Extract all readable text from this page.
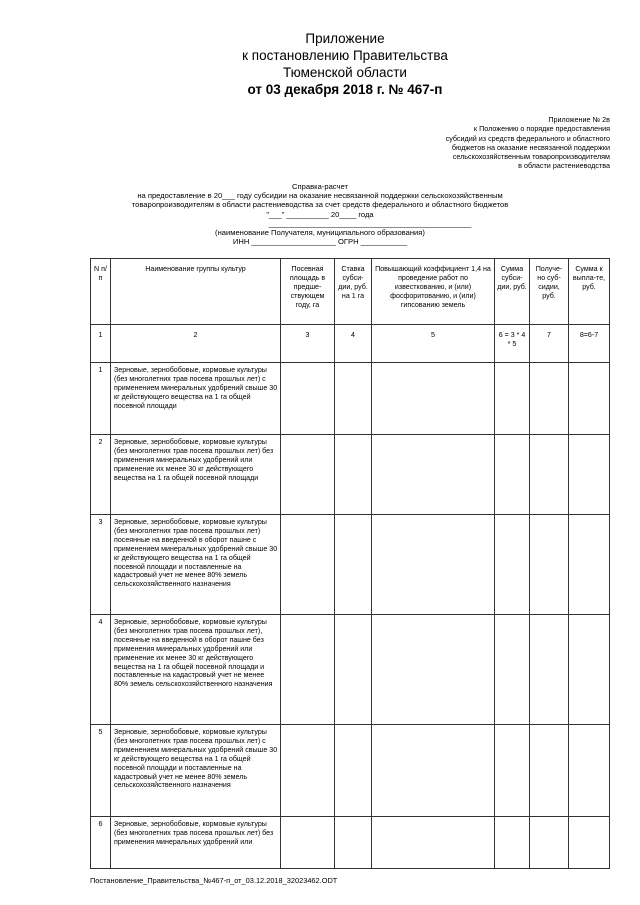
Приложение
к постановлению Правительства
Тюменской области
от 03 декабря 2018 г. № 467-п
Приложение № 2в
к Положению о порядке предоставления
субсидий из средств федерального и областного
бюджетов на оказание несвязанной поддержки
сельскохозяйственным товаропроизводителям
в области растениеводства
Справка-расчет
на предоставление в 20___ году субсидии на оказание несвязанной поддержки сельскохозяйственным
товаропроизводителям в области растениеводства за счет средств федерального и областного бюджетов
"___" __________ 20____ года
________________________________________________
(наименование Получателя, муниципального образования)
ИНН ____________________ ОГРН ___________
N п/п	Наименование группы культур	Посевная площадь в предше-ствующем году, га	Ставка субси-дии, руб. на 1 га	Повышающий коэффициент 1,4 на проведение работ по известкованию, и (или) фосфоритованию, и (или) гипсованию земель	Сумма субси-дии, руб.	Получе-но суб-сидии, руб.	Сумма к выпла-те, руб.
1	2	3	4	5	6 = 3 * 4 * 5	7	8=6-7
1	Зерновые, зернобобовые, кормовые культуры (без многолетних трав посева прошлых лет) с применением минеральных удобрений свыше 30 кг действующего вещества на 1 га общей посевной площади						
2	Зерновые, зернобобовые, кормовые культуры (без многолетних трав посева прошлых лет) без применения минеральных удобрений или применение их менее 30 кг действующего вещества на 1 га общей посевной площади						
3	Зерновые, зернобобовые, кормовые культуры (без многолетних трав посева прошлых лет) посеянные на введенной в оборот пашне с применением минеральных удобрений свыше 30 кг действующего вещества на 1 га общей посевной площади и поставленные на кадастровый учет не менее 80% земель сельскохозяйственного назначения						
4	Зерновые, зернобобовые, кормовые культуры (без многолетних трав посева прошлых лет), посеянные на введенной в оборот пашне без применения минеральных удобрений или применение их менее 30 кг действующего вещества на 1 га общей посевной площади и поставленные на кадастровый учет не менее 80% земель сельскохозяйственного назначения						
5	Зерновые, зернобобовые, кормовые культуры (без многолетних трав посева прошлых лет) с применением минеральных удобрений свыше 30 кг действующего вещества на 1 га общей посевной площади и поставленные на кадастровый учет не менее 80% земель сельскохозяйственного назначения						
6	Зерновые, зернобобовые, кормовые культуры (без многолетних трав посева прошлых лет) без применения минеральных удобрений или						
Постановление_Правительства_№467-п_от_03.12.2018_32023462.ODT
